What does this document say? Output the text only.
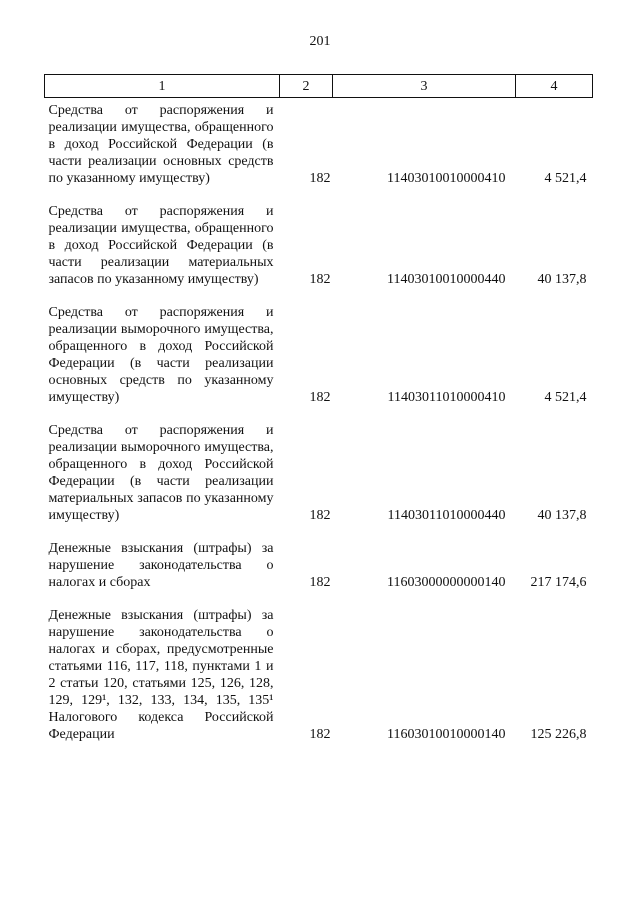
201
1	2	3	4
Средства от распоряжения и реализации имущества, обращенного в доход Российской Федерации (в части реализации основных средств по указанному имуществу)	182	11403010010000410	4 521,4
Средства от распоряжения и реализации имущества, обращенного в доход Российской Федерации (в части реализации материальных запасов по указанному имуществу)	182	11403010010000440	40 137,8
Средства от распоряжения и реализации выморочного имущества, обращенного в доход Российской Федерации (в части реализации основных средств по указанному имуществу)	182	11403011010000410	4 521,4
Средства от распоряжения и реализации выморочного имущества, обращенного в доход Российской Федерации (в части реализации материальных запасов по указанному имуществу)	182	11403011010000440	40 137,8
Денежные взыскания (штрафы) за нарушение законодательства о налогах и сборах	182	11603000000000140	217 174,6
Денежные взыскания (штрафы) за нарушение законодательства о налогах и сборах, предусмотренные статьями 116, 117, 118, пунктами 1 и 2 статьи 120, статьями 125, 126, 128, 129, 129¹, 132, 133, 134, 135, 135¹ Налогового кодекса Российской Федерации	182	11603010010000140	125 226,8
